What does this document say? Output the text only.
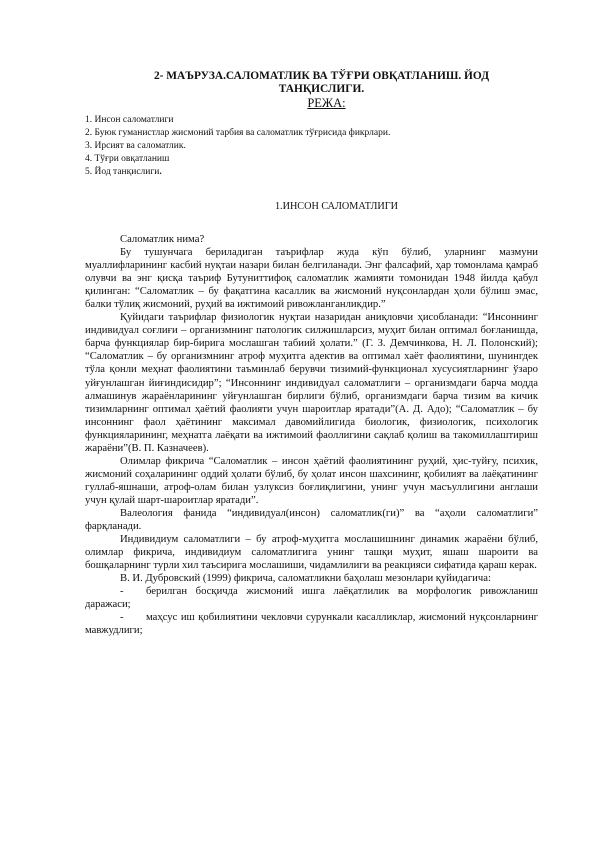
2- МАЪРУЗА.САЛОМАТЛИК ВА ТЎҒРИ ОВҚАТЛАНИШ. ЙОД
ТАНҚИСЛИГИ.
РЕЖА:
1. Инсон саломатлиги
2. Буюк гуманистлар жисмоний тарбия ва саломатлик тўғрисида фикрлари.
3. Ирсият ва саломатлик.
4. Тўғри овқатланиш
5. Йод танқислиги.
1.ИНСОН САЛОМАТЛИГИ

Саломатлик нима?

Бу тушунчага бериладиган таърифлар жуда кўп бўлиб, уларнинг мазмуни муаллифларининг касбий нуқтаи назари билан белгиланади. Энг фалсафий, ҳар томонлама қамраб олувчи ва энг қисқа таъриф Бутуниттифоқ саломатлик жамияти томонидан 1948 йилда қабул қилинган: “Саломатлик – бу фақатгина касаллик ва жисмоний нуқсонлардан ҳоли бўлиш эмас, балки тўлиқ жисмоний, руҳий ва ижтимоий ривожланганликдир.”

Қуйидаги таърифлар физиологик нуқтаи назаридан аниқловчи ҳисобланади: “Инсоннинг индивидуал соғлиғи – организмнинг патологик силжишларсиз, муҳит билан оптимал боғланишда, барча функциялар бир-бирига мослашган табиий ҳолати.” (Г. З. Демчинкова, Н. Л. Полонский); “Саломатлик – бу организмнинг атроф муҳитга адектив ва оптимал хаёт фаолиятини, шунингдек тўла қонли меҳнат фаолиятини таъминлаб берувчи тизимий-функционал хусусиятларнинг ўзаро уйғунлашган йиғиндисидир”; “Инсоннинг индивидуал саломатлиги – организмдаги барча модда алмашинув жараёнларининг уйғунлашган бирлиги бўлиб, организмдаги барча тизим ва кичик тизимларнинг оптимал ҳаётий фаолияти учун шароитлар яратади”(А. Д. Адо); “Саломатлик – бу инсоннинг фаол ҳаётининг максимал давомийлигида биологик, физиологик, психологик функцияларининг, меҳнатга лаёқати ва ижтимоий фаоллигини сақлаб қолиш ва такомиллаштириш жараёни”(В. П. Казначеев).

Олимлар фикрича “Саломатлик – инсон ҳаётий фаолиятининг руҳий, ҳис-туйғу, психик, жисмоний соҳаларининг оддий ҳолати бўлиб, бу ҳолат инсон шахсининг, қобилият ва лаёқатининг гуллаб-яшнаши, атроф-олам билан узлуксиз боғлиқлигини, унинг учун масъуллигини англаши учун қулай шарт-шароитлар яратади”.

Валеология фанида “индивидуал(инсон) саломатлик(ги)” ва “аҳоли саломатлиги” фарқланади.

Индивидиум саломатлиги – бу атроф-муҳитга мослашишнинг динамик жараёни бўлиб, олимлар фикрича, индивидиум саломатлигига унинг ташқи муҳит, яшаш шароити ва бошқаларнинг турли хил таъсирига мослашиши, чидамлилиги ва реакцияси сифатида қараш керак.

В. И. Дубровский (1999) фикрича, саломатликни баҳолаш мезонлари қуйидагича:

- берилган босқичда жисмоний ишга лаёқатлилик ва морфологик ривожланиш даражаси;

- маҳсус иш қобилиятини чекловчи сурункали касалликлар, жисмоний нуқсонларнинг мавжудлиги;
